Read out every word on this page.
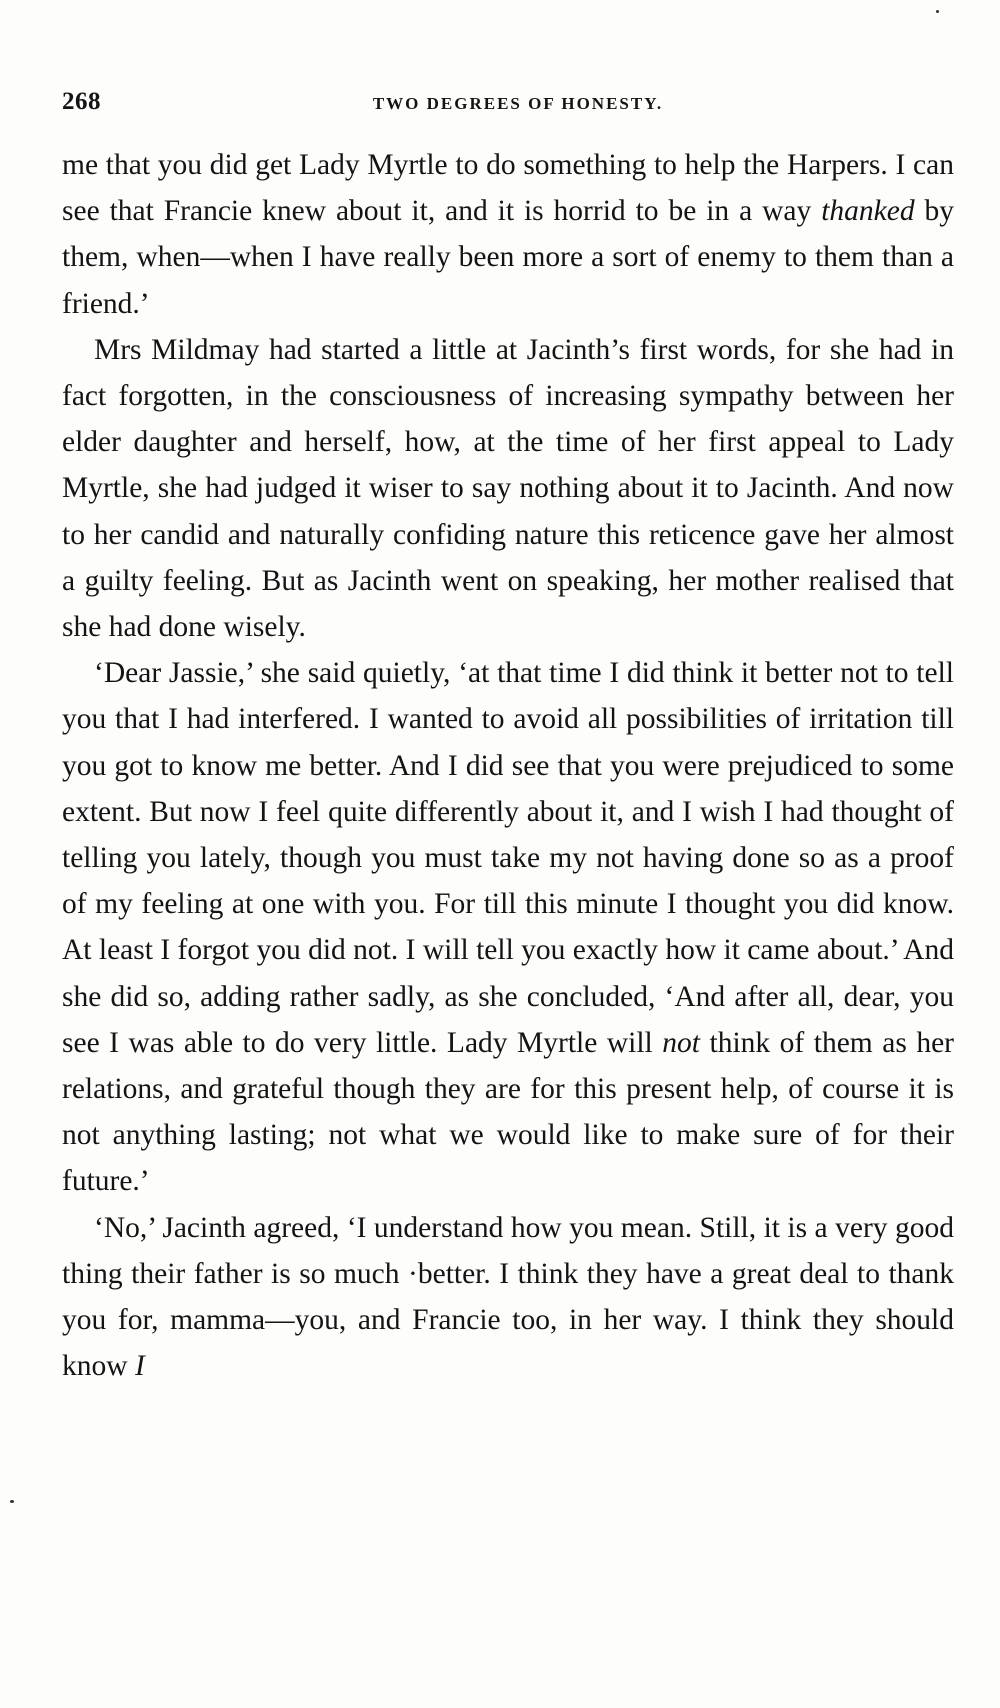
268	TWO DEGREES OF HONESTY.

me that you did get Lady Myrtle to do something to help the Harpers. I can see that Francie knew about it, and it is horrid to be in a way thanked by them, when—when I have really been more a sort of enemy to them than a friend.’

Mrs Mildmay had started a little at Jacinth’s first words, for she had in fact forgotten, in the consciousness of increasing sympathy between her elder daughter and herself, how, at the time of her first appeal to Lady Myrtle, she had judged it wiser to say nothing about it to Jacinth. And now to her candid and naturally confiding nature this reticence gave her almost a guilty feeling. But as Jacinth went on speaking, her mother realised that she had done wisely.

‘Dear Jassie,’ she said quietly, ‘at that time I did think it better not to tell you that I had interfered. I wanted to avoid all possibilities of irritation till you got to know me better. And I did see that you were prejudiced to some extent. But now I feel quite differently about it, and I wish I had thought of telling you lately, though you must take my not having done so as a proof of my feeling at one with you. For till this minute I thought you did know. At least I forgot you did not. I will tell you exactly how it came about.’ And she did so, adding rather sadly, as she concluded, ‘And after all, dear, you see I was able to do very little. Lady Myrtle will not think of them as her relations, and grateful though they are for this present help, of course it is not anything lasting; not what we would like to make sure of for their future.’

‘No,’ Jacinth agreed, ‘I understand how you mean. Still, it is a very good thing their father is so much ·better. I think they have a great deal to thank you for, mamma—you, and Francie too, in her way. I think they should know I
